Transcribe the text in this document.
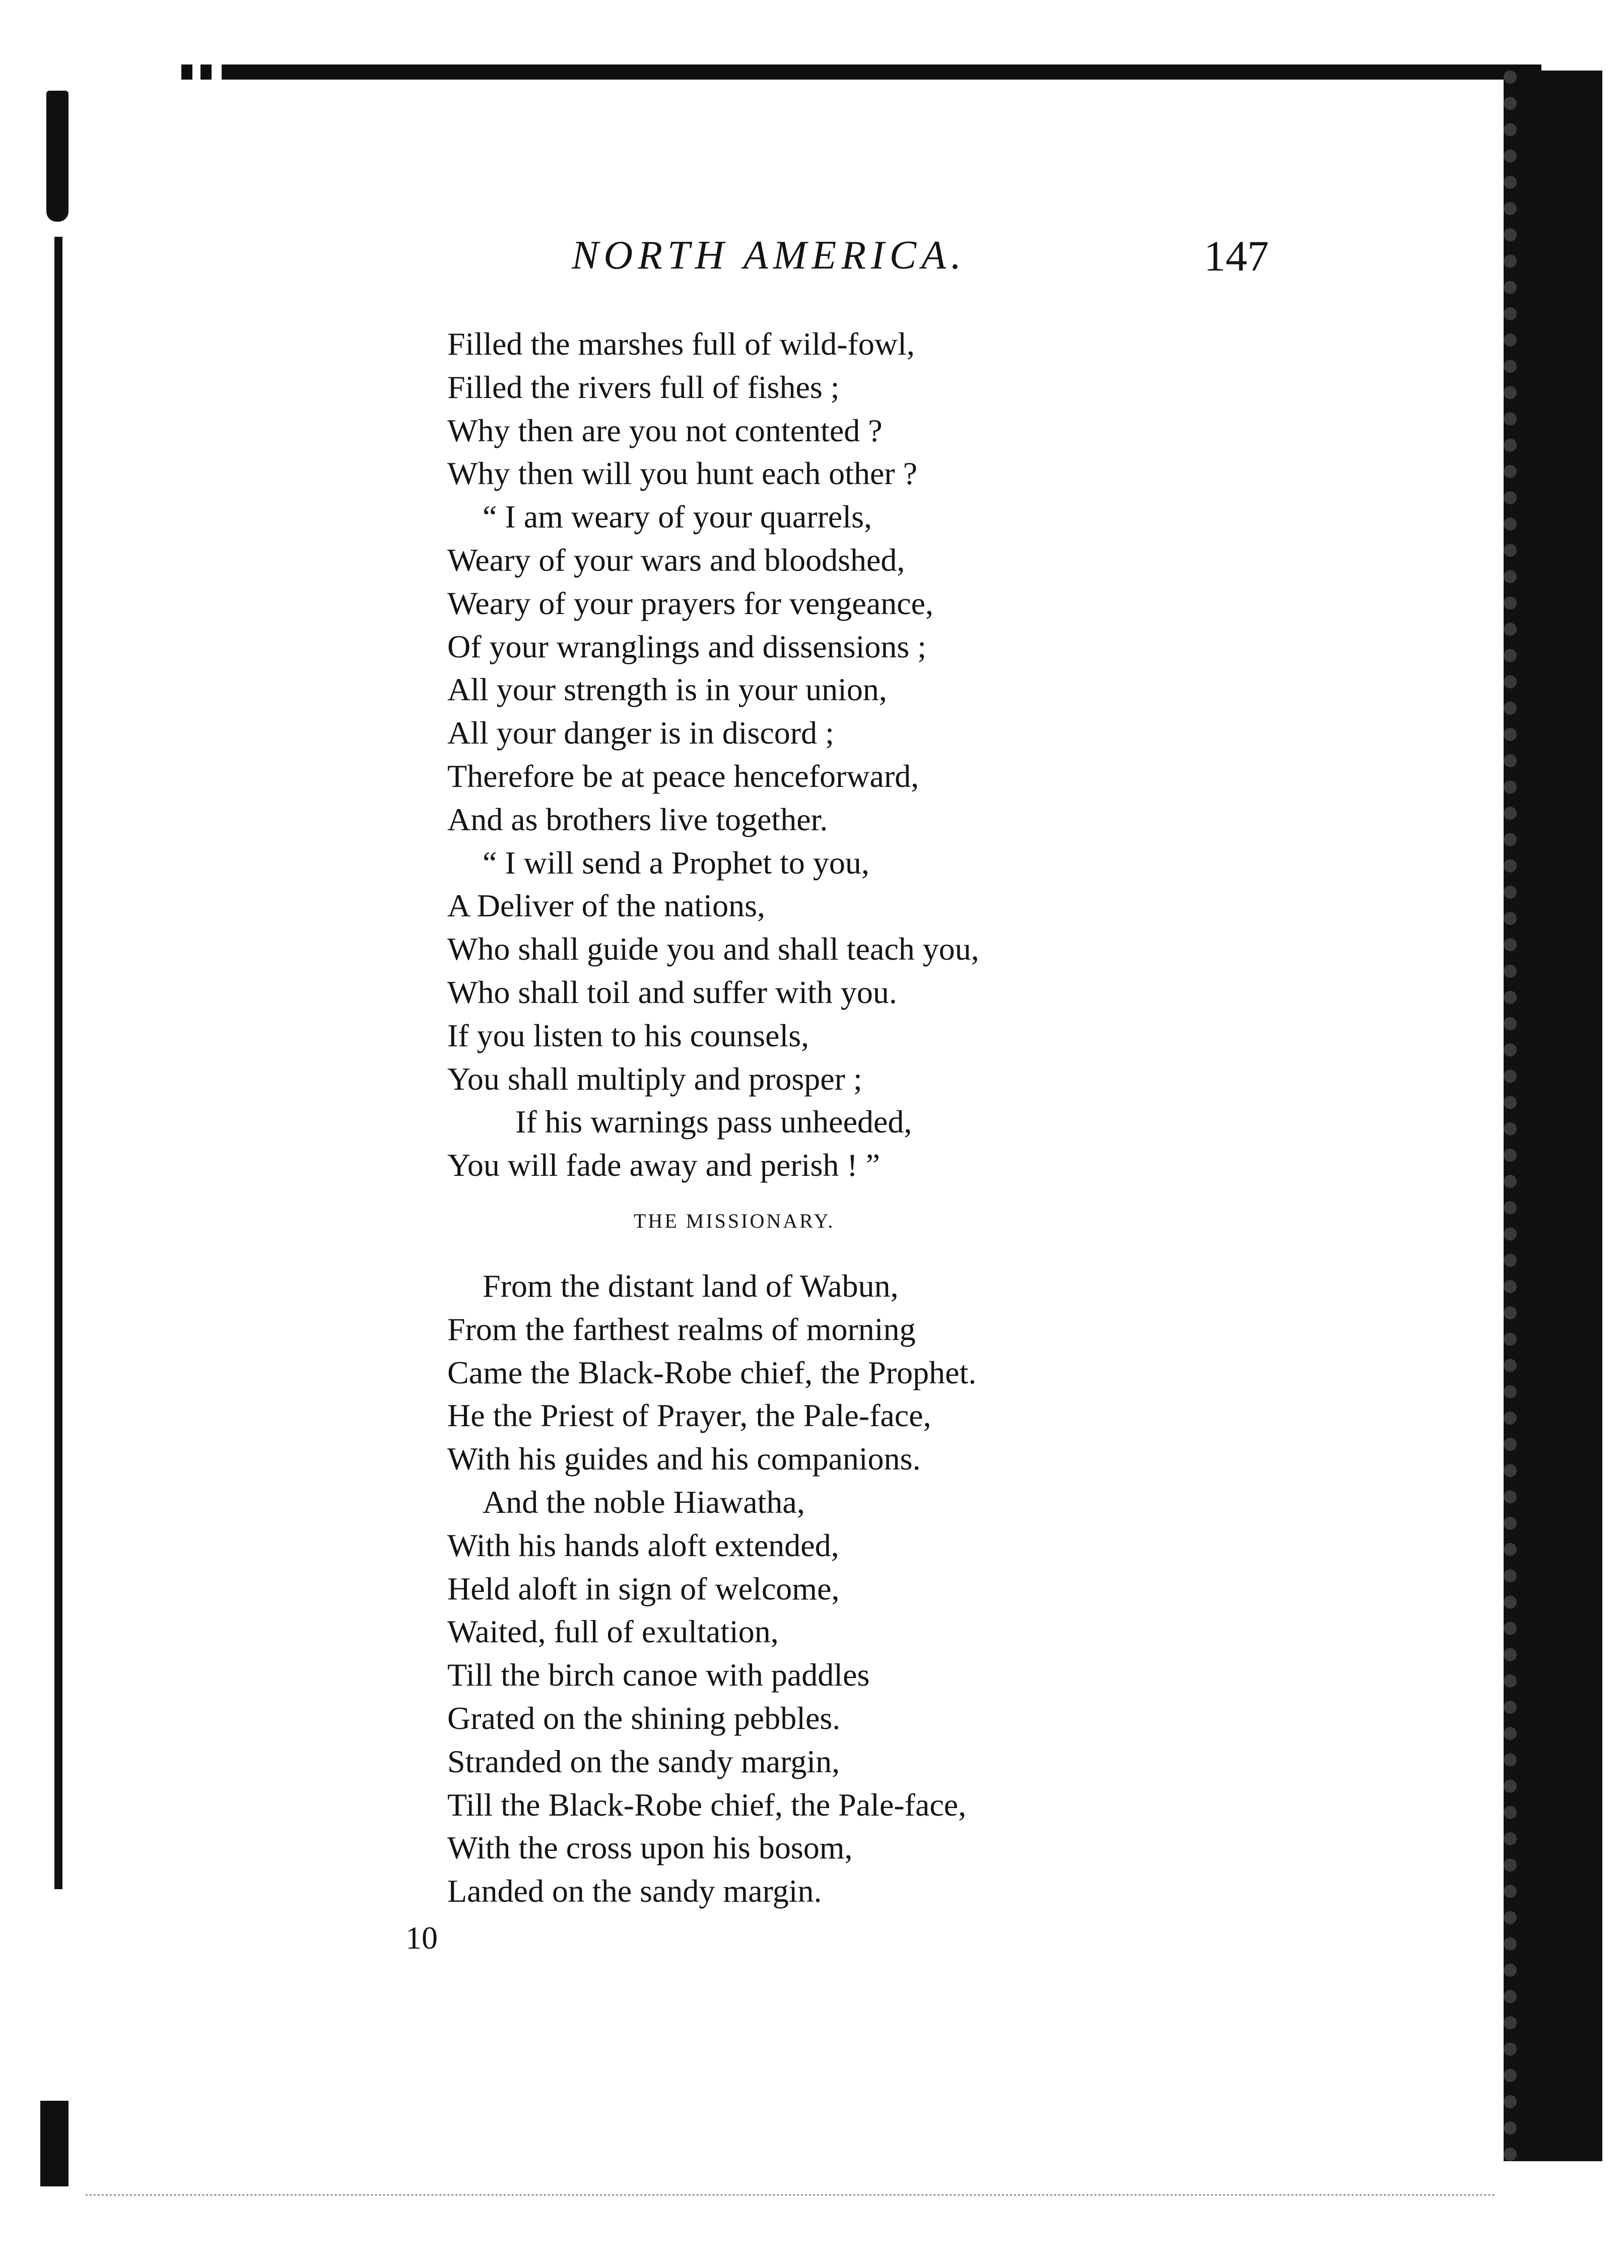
NORTH AMERICA.	147
Filled the marshes full of wild-fowl,
Filled the rivers full of fishes ;
Why then are you not contented ?
Why then will you hunt each other ?
“ I am weary of your quarrels,
Weary of your wars and bloodshed,
Weary of your prayers for vengeance,
Of your wranglings and dissensions ;
All your strength is in your union,
All your danger is in discord ;
Therefore be at peace henceforward,
And as brothers live together.
“ I will send a Prophet to you,
A Deliver of the nations,
Who shall guide you and shall teach you,
Who shall toil and suffer with you.
If you listen to his counsels,
You shall multiply and prosper ;
If his warnings pass unheeded,
You will fade away and perish ! ”
THE MISSIONARY.
From the distant land of Wabun,
From the farthest realms of morning
Came the Black-Robe chief, the Prophet.
He the Priest of Prayer, the Pale-face,
With his guides and his companions.
And the noble Hiawatha,
With his hands aloft extended,
Held aloft in sign of welcome,
Waited, full of exultation,
Till the birch canoe with paddles
Grated on the shining pebbles.
Stranded on the sandy margin,
Till the Black-Robe chief, the Pale-face,
With the cross upon his bosom,
Landed on the sandy margin.
10
